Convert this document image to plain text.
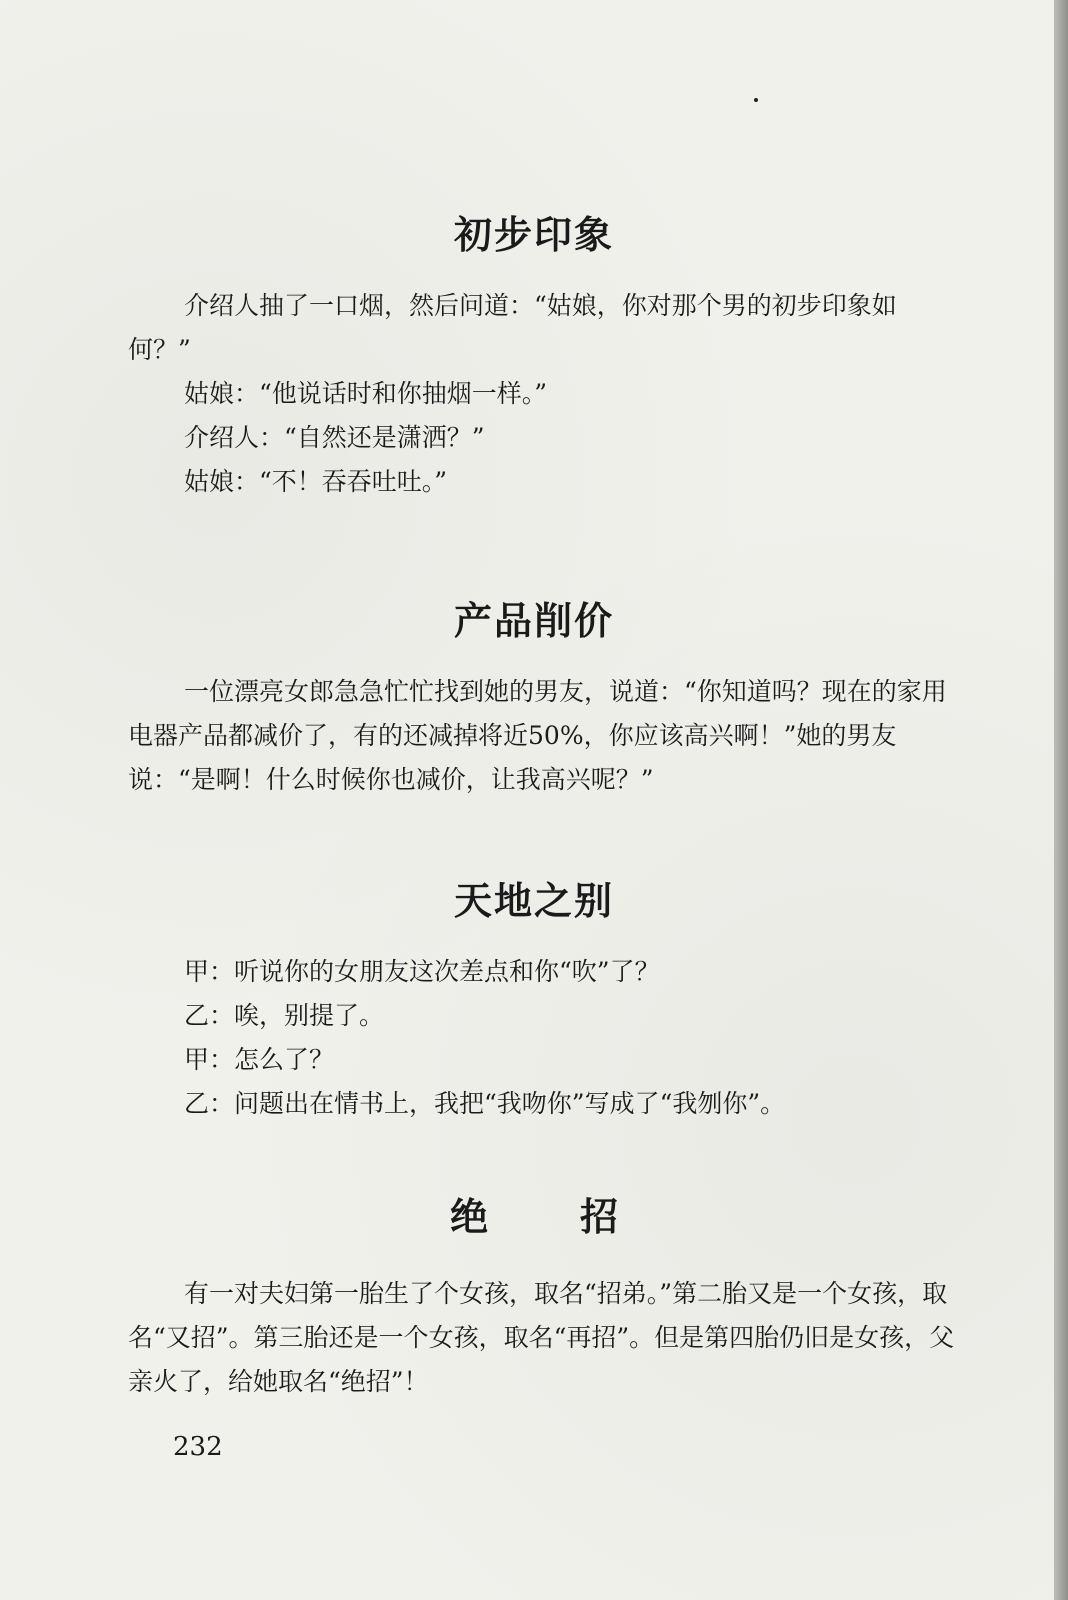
初步印象

介绍人抽了一口烟，然后问道：“姑娘，你对那个男的初步印象如何？”

姑娘：“他说话时和你抽烟一样。”

介绍人：“自然还是潇洒？”

姑娘：“不！吞吞吐吐。”

产品削价

一位漂亮女郎急急忙忙找到她的男友，说道：“你知道吗？现在的家用电器产品都减价了，有的还减掉将近50%，你应该高兴啊！”她的男友说：“是啊！什么时候你也减价，让我高兴呢？”

天地之别

甲：听说你的女朋友这次差点和你“吹”了？

乙：唉，别提了。

甲：怎么了？

乙：问题出在情书上，我把“我吻你”写成了“我刎你”。

绝 招

有一对夫妇第一胎生了个女孩，取名“招弟。”第二胎又是一个女孩，取名“又招”。第三胎还是一个女孩，取名“再招”。但是第四胎仍旧是女孩，父亲火了，给她取名“绝招”！

232
